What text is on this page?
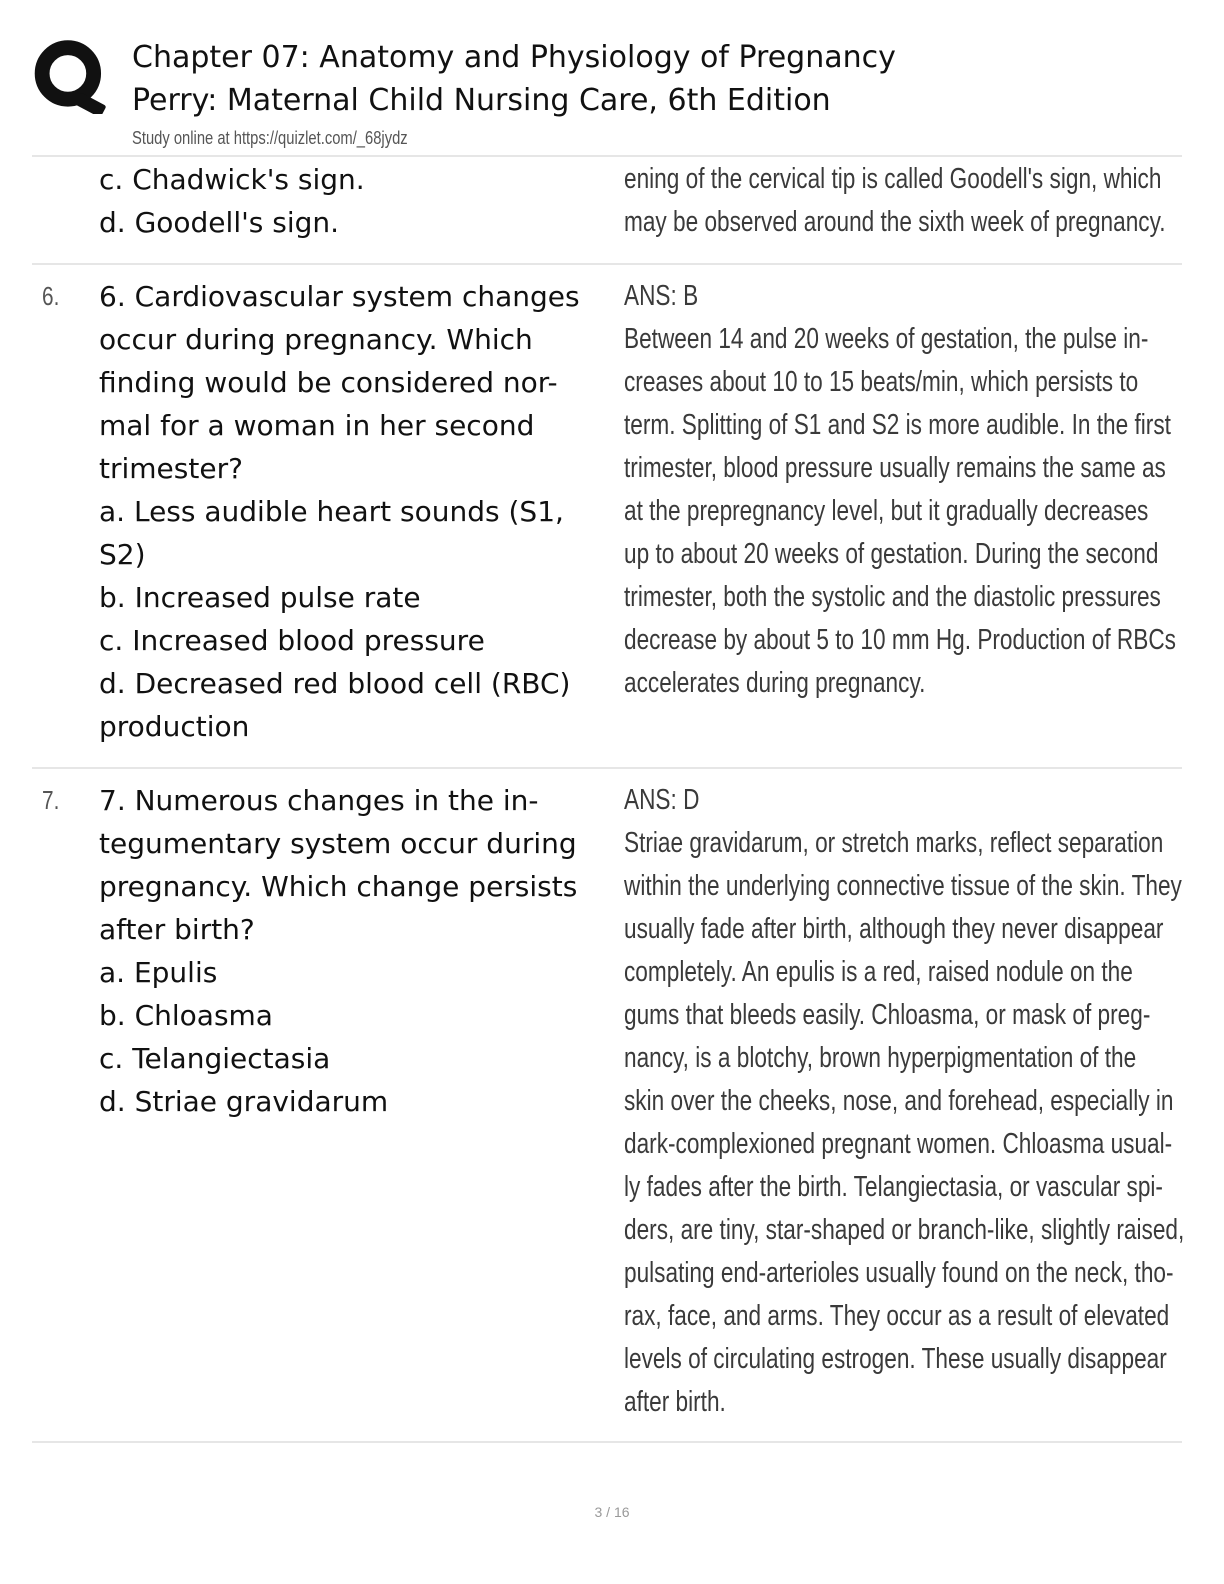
Chapter 07: Anatomy and Physiology of Pregnancy
Perry: Maternal Child Nursing Care, 6th Edition
Study online at https://quizlet.com/_68jydz
c. Chadwick's sign.
d. Goodell's sign.
ening of the cervical tip is called Goodell's sign, which
may be observed around the sixth week of pregnancy.
6. 6. Cardiovascular system changes
occur during pregnancy. Which
finding would be considered nor-
mal for a woman in her second
trimester?
a. Less audible heart sounds (S1,
S2)
b. Increased pulse rate
c. Increased blood pressure
d. Decreased red blood cell (RBC)
production
ANS: B
Between 14 and 20 weeks of gestation, the pulse in-
creases about 10 to 15 beats/min, which persists to
term. Splitting of S1 and S2 is more audible. In the first
trimester, blood pressure usually remains the same as
at the prepregnancy level, but it gradually decreases
up to about 20 weeks of gestation. During the second
trimester, both the systolic and the diastolic pressures
decrease by about 5 to 10 mm Hg. Production of RBCs
accelerates during pregnancy.
7. 7. Numerous changes in the in-
tegumentary system occur during
pregnancy. Which change persists
after birth?
a. Epulis
b. Chloasma
c. Telangiectasia
d. Striae gravidarum
ANS: D
Striae gravidarum, or stretch marks, reflect separation
within the underlying connective tissue of the skin. They
usually fade after birth, although they never disappear
completely. An epulis is a red, raised nodule on the
gums that bleeds easily. Chloasma, or mask of preg-
nancy, is a blotchy, brown hyperpigmentation of the
skin over the cheeks, nose, and forehead, especially in
dark-complexioned pregnant women. Chloasma usual-
ly fades after the birth. Telangiectasia, or vascular spi-
ders, are tiny, star-shaped or branch-like, slightly raised,
pulsating end-arterioles usually found on the neck, tho-
rax, face, and arms. They occur as a result of elevated
levels of circulating estrogen. These usually disappear
after birth.
3 / 16
